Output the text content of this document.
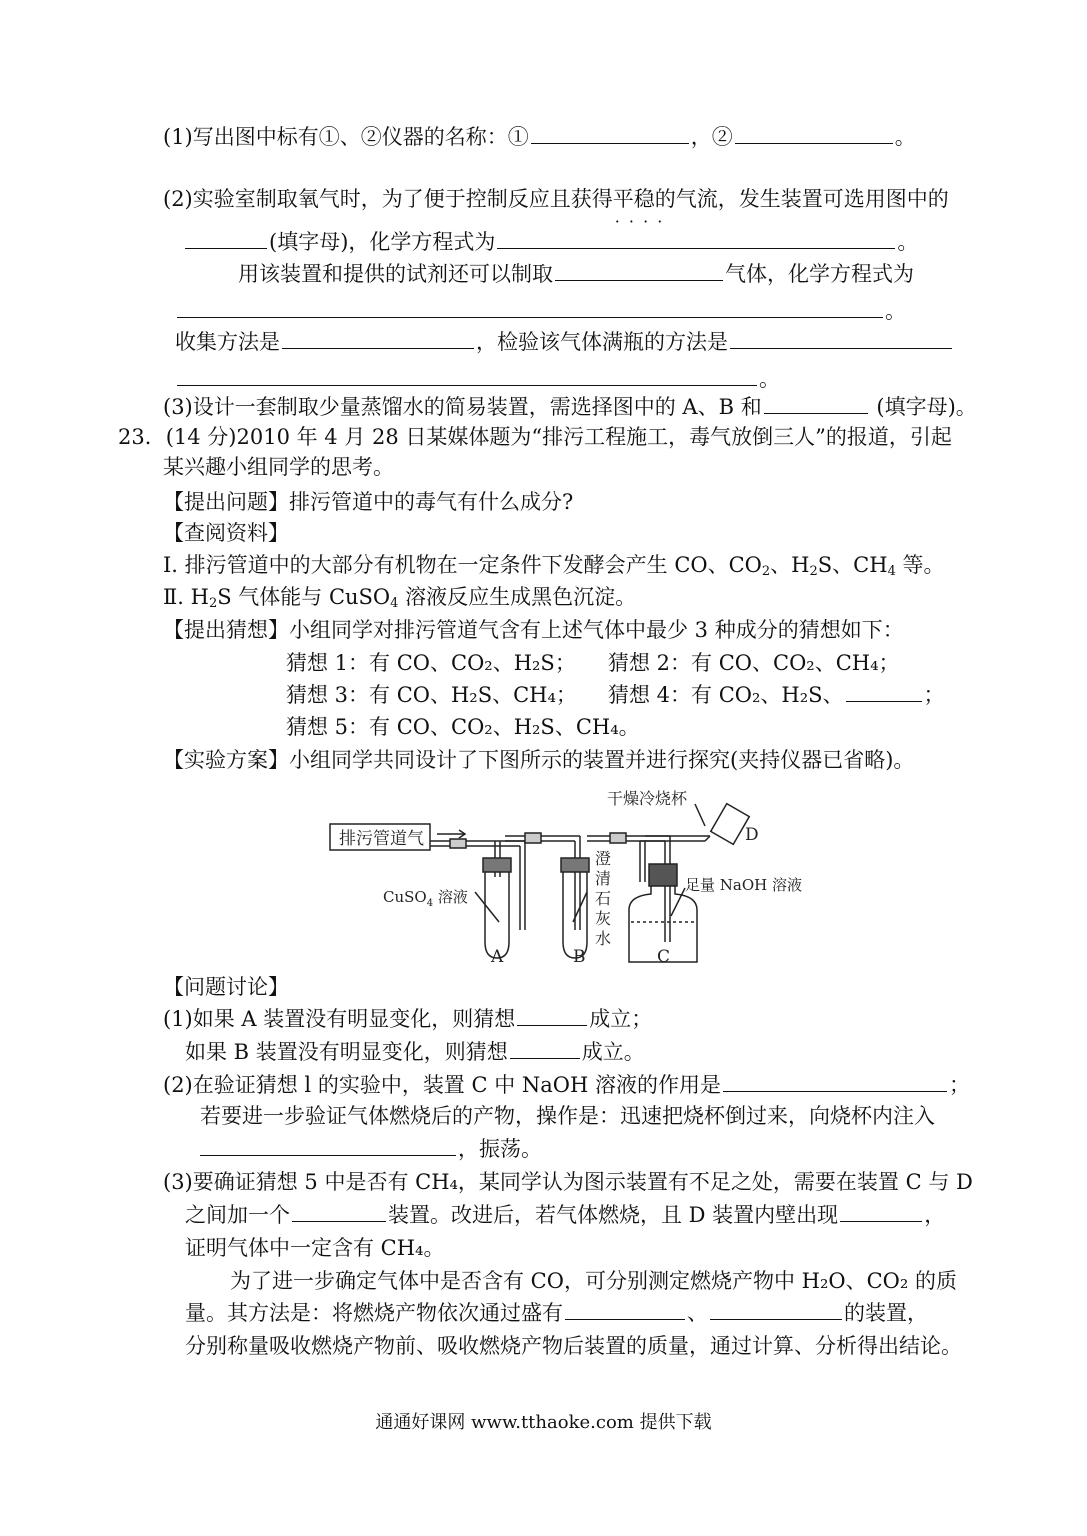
(1)写出图中标有①、②仪器的名称：①	，②	。
(2)实验室制取氧气时，为了便于控制反应且获得平稳的气流 · · · ·，发生装置可选用图中的
(填字母)，化学方程式为	。
用该装置和提供的试剂还可以制取	气体，化学方程式为
。
收集方法是	，检验该气体满瓶的方法是
。
(3)设计一套制取少量蒸馏水的简易装置，需选择图中的 A、B 和	(填字母)。
23．(14 分)2010 年 4 月 28 日某媒体题为“排污工程施工，毒气放倒三人”的报道，引起
某兴趣小组同学的思考。
【提出问题】排污管道中的毒气有什么成分?
【查阅资料】
Ⅰ. 排污管道中的大部分有机物在一定条件下发酵会产生 CO、$CO_2$、$H_2S$、$CH_4$ 等。
Ⅱ. $H_2S$ 气体能与 CuSO$_4$ 溶液反应生成黑色沉淀。
【提出猜想】小组同学对排污管道气含有上述气体中最少 3 种成分的猜想如下：
猜想 1：有 CO、CO₂、H₂S； 猜想 2：有 CO、CO₂、CH₄；
猜想 3：有 CO、H₂S、CH₄； 猜想 4：有 CO₂、H₂S、	；
猜想 5：有 CO、CO₂、H₂S、CH₄。
【实验方案】小组同学共同设计了下图所示的装置并进行探究(夹持仪器已省略)。
排污管道气
干燥冷烧杯
D
CuSO$_4$ 溶液
澄
清
石
灰
水
足量 NaOH 溶液
A	B	C
【问题讨论】
(1)如果 A 装置没有明显变化，则猜想	成立；
如果 B 装置没有明显变化，则猜想	成立。
(2)在验证猜想 l 的实验中，装置 C 中 NaOH 溶液的作用是	；
若要进一步验证气体燃烧后的产物，操作是：迅速把烧杯倒过来，向烧杯内注入
，振荡。
(3)要确证猜想 5 中是否有 CH₄，某同学认为图示装置有不足之处，需要在装置 C 与 D
之间加一个	装置。改进后，若气体燃烧，且 D 装置内壁出现	，
证明气体中一定含有 CH₄。
为了进一步确定气体中是否含有 CO，可分别测定燃烧产物中 H₂O、CO₂ 的质
量。其方法是：将燃烧产物依次通过盛有	、	的装置，
分别称量吸收燃烧产物前、吸收燃烧产物后装置的质量，通过计算、分析得出结论。
通通好课网 www.tthaoke.com 提供下载
